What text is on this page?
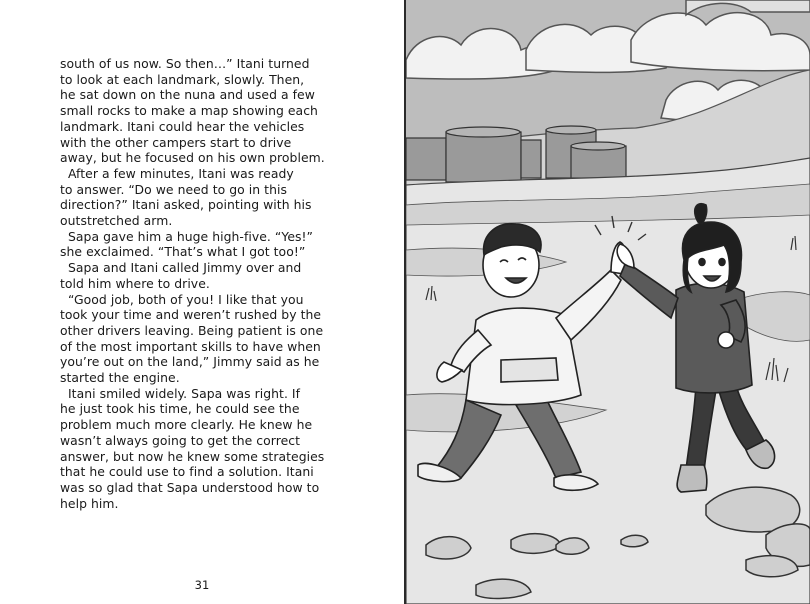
south of us now. So then…” Itani turned
to look at each landmark, slowly. Then,
he sat down on the nuna and used a few
small rocks to make a map showing each
landmark. Itani could hear the vehicles
with the other campers start to drive
away, but he focused on his own problem.
After a few minutes, Itani was ready
to answer. “Do we need to go in this
direction?” Itani asked, pointing with his
outstretched arm.
Sapa gave him a huge high-five. “Yes!”
she exclaimed. “That’s what I got too!”
Sapa and Itani called Jimmy over and
told him where to drive.
“Good job, both of you! I like that you
took your time and weren’t rushed by the
other drivers leaving. Being patient is one
of the most important skills to have when
you’re out on the land,” Jimmy said as he
started the engine.
Itani smiled widely. Sapa was right. If
he just took his time, he could see the
problem much more clearly. He knew he
wasn’t always going to get the correct
answer, but now he knew some strategies
that he could use to find a solution. Itani
was so glad that Sapa understood how to
help him.
31
